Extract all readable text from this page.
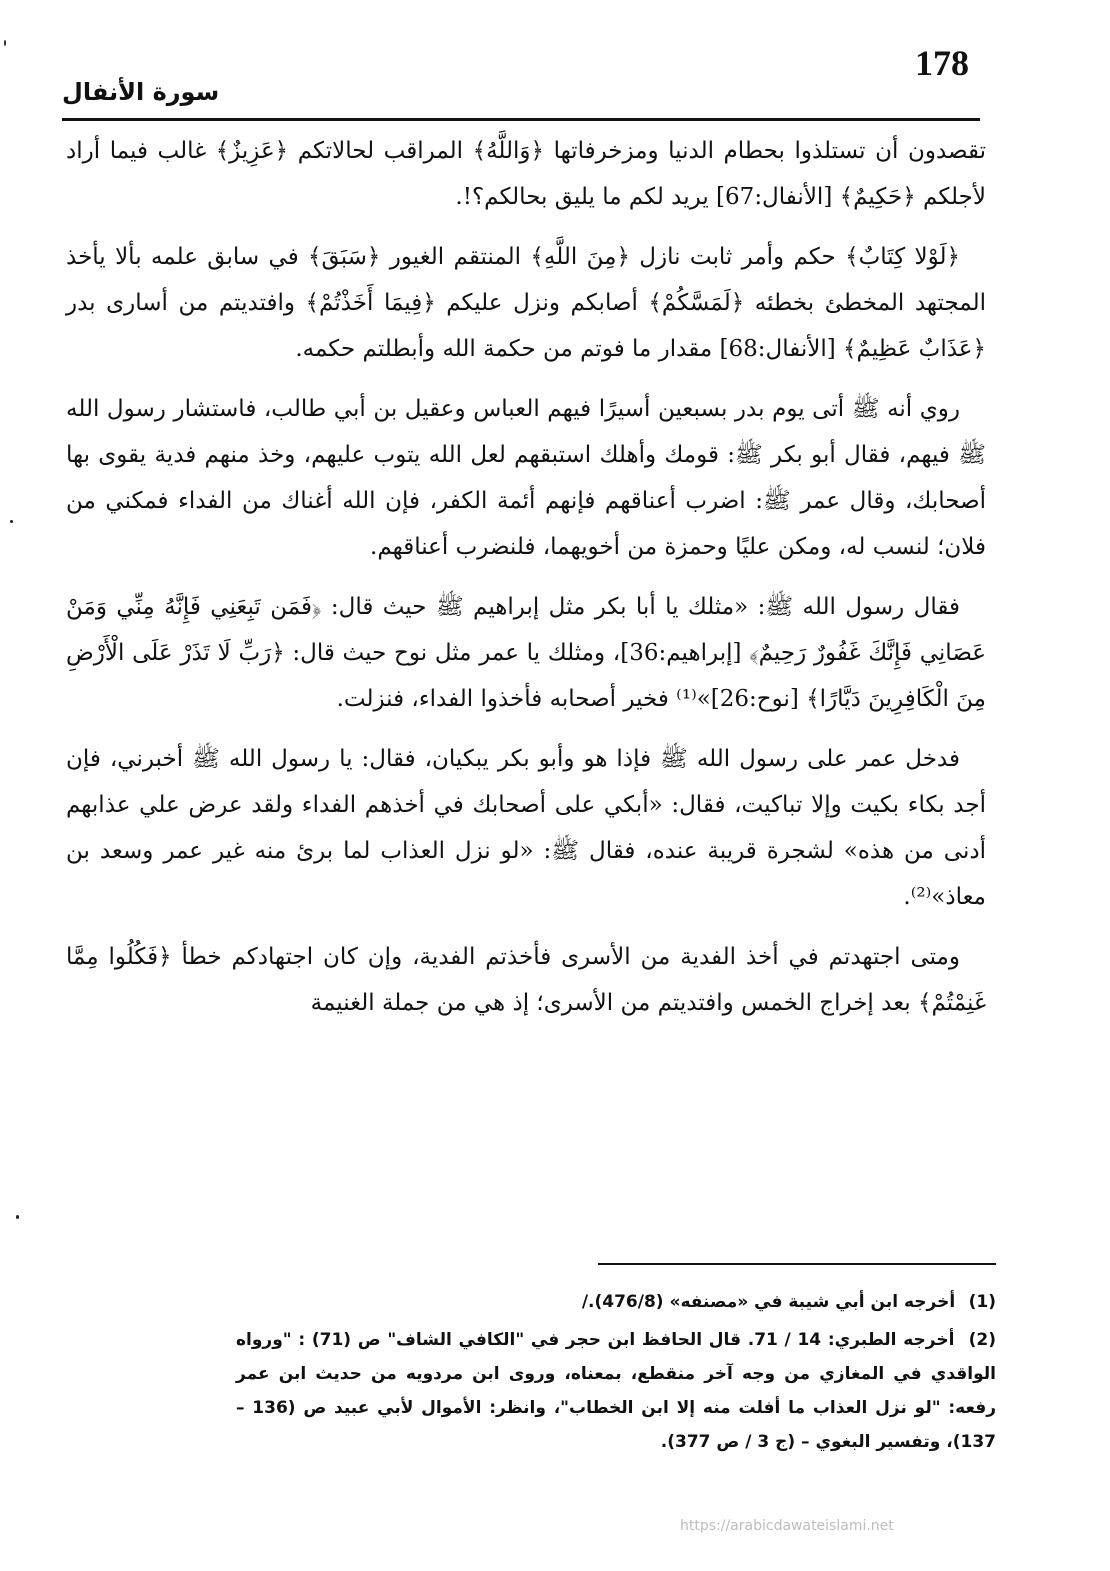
178
سورة الأنفال

تقصدون أن تستلذوا بحطام الدنيا ومزخرفاتها ﴿وَاللَّهُ﴾ المراقب لحالاتكم ﴿عَزِيزٌ﴾ غالب فيما أراد لأجلكم ﴿حَكِيمٌ﴾ [الأنفال:67] يريد لكم ما يليق بحالكم؟!.

﴿لَوْلا كِتَابٌ﴾ حكم وأمر ثابت نازل ﴿مِنَ اللَّهِ﴾ المنتقم الغيور ﴿سَبَقَ﴾ في سابق علمه بألا يأخذ المجتهد المخطئ بخطئه ﴿لَمَسَّكُمْ﴾ أصابكم ونزل عليكم ﴿فِيمَا أَخَذْتُمْ﴾ وافتديتم من أسارى بدر ﴿عَذَابٌ عَظِيمٌ﴾ [الأنفال:68] مقدار ما فوتم من حكمة الله وأبطلتم حكمه.

روي أنه ﷺ أتى يوم بدر بسبعين أسيرًا فيهم العباس وعقيل بن أبي طالب، فاستشار رسول الله ﷺ فيهم، فقال أبو بكر ﷺ: قومك وأهلك استبقهم لعل الله يتوب عليهم، وخذ منهم فدية يقوى بها أصحابك، وقال عمر ﷺ: اضرب أعناقهم فإنهم أئمة الكفر، فإن الله أغناك من الفداء فمكني من فلان؛ لنسب له، ومكن عليًا وحمزة من أخويهما، فلنضرب أعناقهم.

فقال رسول الله ﷺ: «مثلك يا أبا بكر مثل إبراهيم ﷺ حيث قال: ﴿فَمَن تَبِعَنِي فَإِنَّهُ مِنِّي وَمَنْ عَصَانِي فَإِنَّكَ غَفُورٌ رَحِيمٌ﴾ [إبراهيم:36]، ومثلك يا عمر مثل نوح حيث قال: ﴿رَبِّ لَا تَذَرْ عَلَى الْأَرْضِ مِنَ الْكَافِرِينَ دَيَّارًا﴾ [نوح:26]»⁽¹⁾ فخير أصحابه فأخذوا الفداء، فنزلت.

فدخل عمر على رسول الله ﷺ فإذا هو وأبو بكر يبكيان، فقال: يا رسول الله ﷺ أخبرني، فإن أجد بكاء بكيت وإلا تباكيت، فقال: «أبكي على أصحابك في أخذهم الفداء ولقد عرض علي عذابهم أدنى من هذه» لشجرة قريبة عنده، فقال ﷺ: «لو نزل العذاب لما برئ منه غير عمر وسعد بن معاذ»⁽²⁾.

ومتى اجتهدتم في أخذ الفدية من الأسرى فأخذتم الفدية، وإن كان اجتهادكم خطأ ﴿فَكُلُوا مِمَّا غَنِمْتُمْ﴾ بعد إخراج الخمس وافتديتم من الأسرى؛ إذ هي من جملة الغنيمة

(1) أخرجه ابن أبي شيبة في «مصنفه» (476/8)./

(2) أخرجه الطبري: 14 / 71. قال الحافظ ابن حجر في "الكافي الشاف" ص (71) : "ورواه الواقدي في المغازي من وجه آخر منقطع، بمعناه، وروى ابن مردويه من حديث ابن عمر رفعه: "لو نزل العذاب ما أفلت منه إلا ابن الخطاب"، وانظر: الأموال لأبي عبيد ص (136 – 137)، وتفسير البغوي – (ج 3 / ص 377).

https://arabicdawateislami.net
